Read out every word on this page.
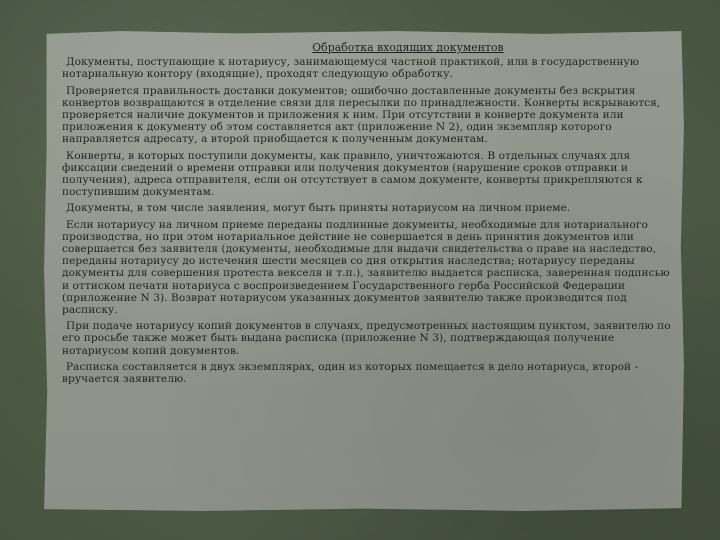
Обработка входящих документов
Документы, поступающие к нотариусу, занимающемуся частной практикой, или в государственную нотариальную контору (входящие), проходят следующую обработку.
Проверяется правильность доставки документов; ошибочно доставленные документы без вскрытия конвертов возвращаются в отделение связи для пересылки по принадлежности. Конверты вскрываются, проверяется наличие документов и приложения к ним. При отсутствии в конверте документа или приложения к документу об этом составляется акт (приложение N 2), один экземпляр которого направляется адресату, а второй приобщается к полученным документам.
Конверты, в которых поступили документы, как правило, уничтожаются. В отдельных случаях для фиксации сведений о времени отправки или получения документов (нарушение сроков отправки и получения), адреса отправителя, если он отсутствует в самом документе, конверты прикрепляются к поступившим документам.
Документы, в том числе заявления, могут быть приняты нотариусом на личном приеме.
Если нотариусу на личном приеме переданы подлинные документы, необходимые для нотариального производства, но при этом нотариальное действие не совершается в день принятия документов или совершается без заявителя (документы, необходимые для выдачи свидетельства о праве на наследство, переданы нотариусу до истечения шести месяцев со дня открытия наследства; нотариусу переданы документы для совершения протеста векселя и т.п.), заявителю выдается расписка, заверенная подписью и оттиском печати нотариуса с воспроизведением Государственного герба Российской Федерации (приложение N 3). Возврат нотариусом указанных документов заявителю также производится под расписку.
При подаче нотариусу копий документов в случаях, предусмотренных настоящим пунктом, заявителю по его просьбе также может быть выдана расписка (приложение N 3), подтверждающая получение нотариусом копий документов.
Расписка составляется в двух экземплярах, один из которых помещается в дело нотариуса, второй - вручается заявителю.
